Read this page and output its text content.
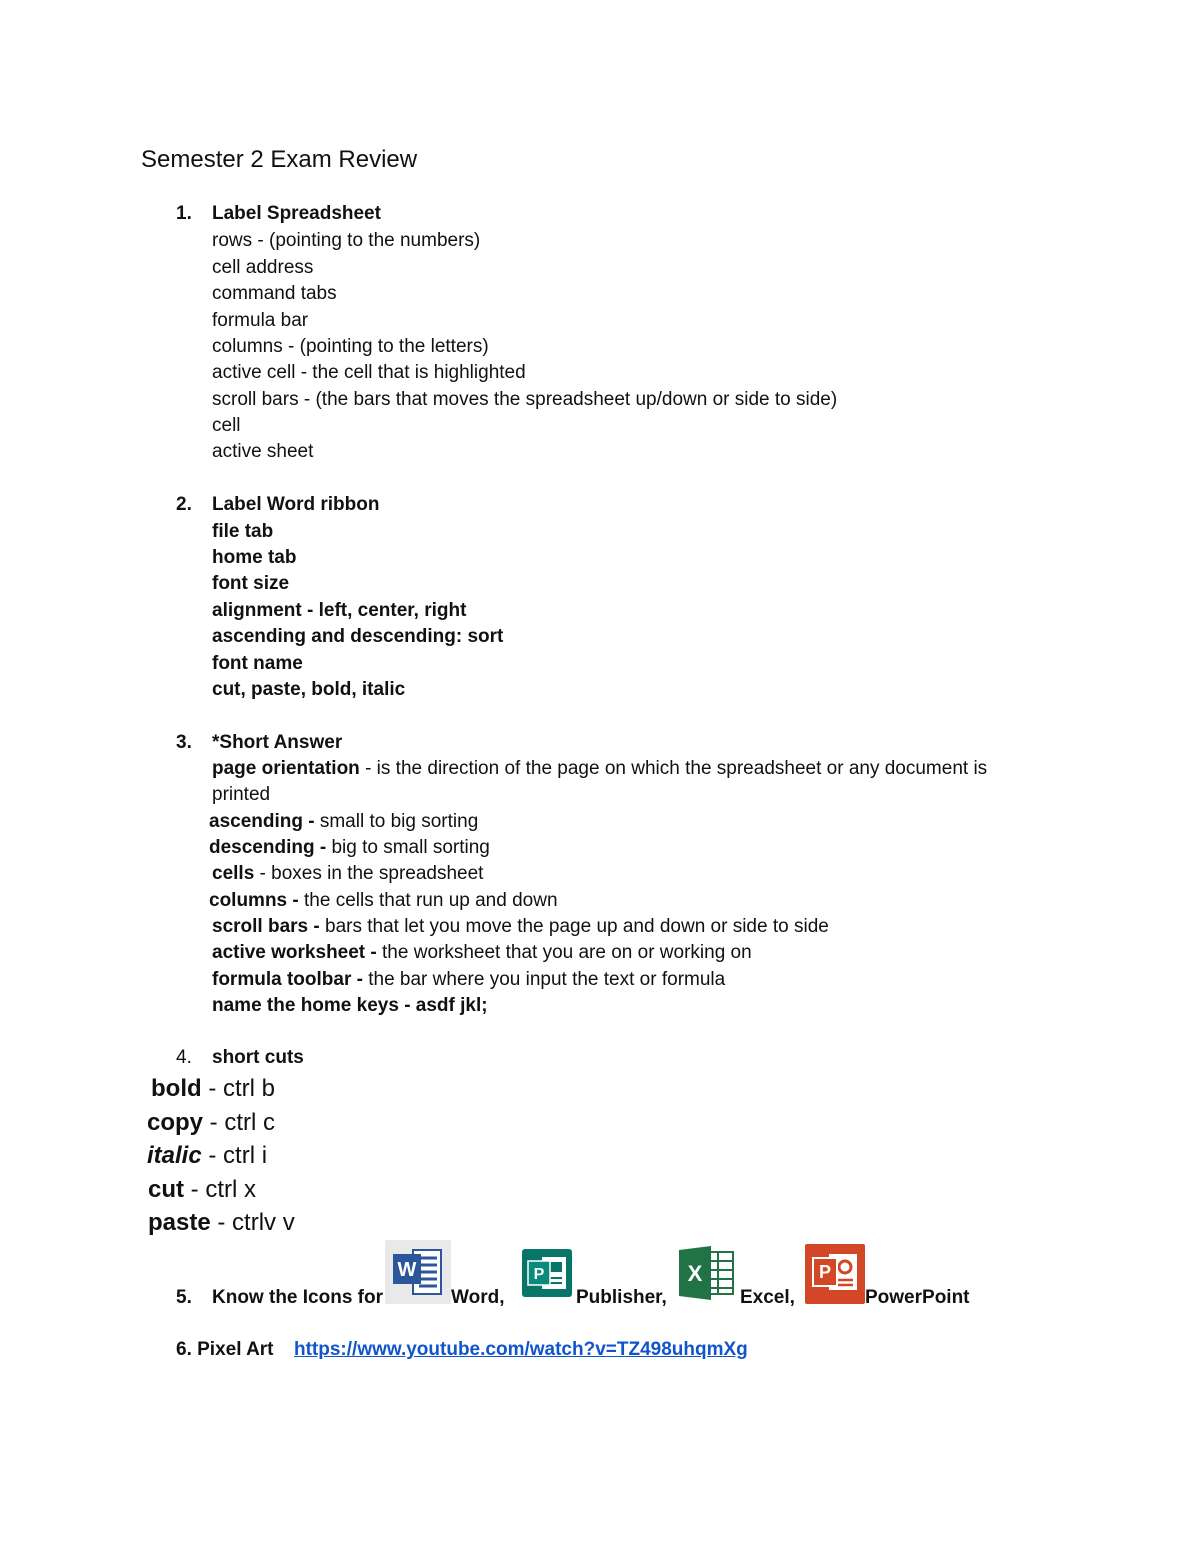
Semester 2 Exam Review
1. Label Spreadsheet
rows - (pointing to the numbers)
cell address
command tabs
formula bar
columns - (pointing to the letters)
active cell - the cell that is highlighted
scroll bars - (the bars that moves the spreadsheet up/down or side to side)
cell
active sheet
2. Label Word ribbon
file tab
home tab
font size
alignment - left, center, right
ascending and descending: sort
font name
cut, paste, bold, italic
3. *Short Answer
page orientation - is the direction of the page on which the spreadsheet or any document is
printed
ascending - small to big sorting
descending - big to small sorting
cells - boxes in the spreadsheet
columns - the cells that run up and down
scroll bars - bars that let you move the page up and down or side to side
active worksheet - the worksheet that you are on or working on
formula toolbar - the bar where you input the text or formula
name the home keys - asdf jkl;
4. short cuts
bold - ctrl b
copy - ctrl c
italic - ctrl i
cut - ctrl x
paste - ctrlv v
5. Know the Icons for
W
Word,
P
Publisher,
X
Excel,
P
PowerPoint
6. Pixel Art https://www.youtube.com/watch?v=TZ498uhqmXg
